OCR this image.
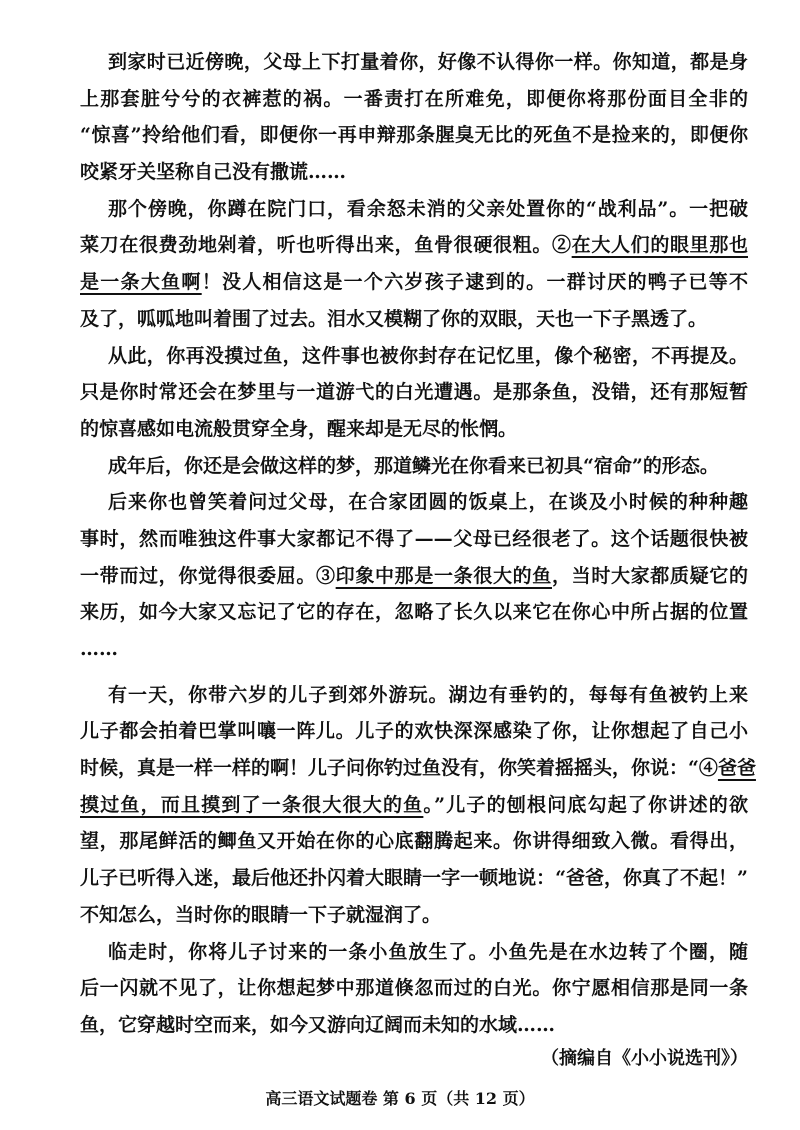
到家时已近傍晚，父母上下打量着你，好像不认得你一样。你知道，都是身
上那套脏兮兮的衣裤惹的祸。一番责打在所难免，即便你将那份面目全非的
“惊喜”拎给他们看，即便你一再申辩那条腥臭无比的死鱼不是捡来的，即便你
咬紧牙关坚称自己没有撒谎……
那个傍晚，你蹲在院门口，看余怒未消的父亲处置你的“战利品”。一把破
菜刀在很费劲地剁着，听也听得出来，鱼骨很硬很粗。②在大人们的眼里那也
是一条大鱼啊！没人相信这是一个六岁孩子逮到的。一群讨厌的鸭子已等不
及了，呱呱地叫着围了过去。泪水又模糊了你的双眼，天也一下子黑透了。
从此，你再没摸过鱼，这件事也被你封存在记忆里，像个秘密，不再提及。
只是你时常还会在梦里与一道游弋的白光遭遇。是那条鱼，没错，还有那短暂
的惊喜感如电流般贯穿全身，醒来却是无尽的怅惘。
成年后，你还是会做这样的梦，那道鳞光在你看来已初具“宿命”的形态。
后来你也曾笑着问过父母，在合家团圆的饭桌上，在谈及小时候的种种趣
事时，然而唯独这件事大家都记不得了——父母已经很老了。这个话题很快被
一带而过，你觉得很委屈。③印象中那是一条很大的鱼，当时大家都质疑它的
来历，如今大家又忘记了它的存在，忽略了长久以来它在你心中所占据的位置
……
有一天，你带六岁的儿子到郊外游玩。湖边有垂钓的，每每有鱼被钓上来
儿子都会拍着巴掌叫嚷一阵儿。儿子的欢快深深感染了你，让你想起了自己小
时候，真是一样一样的啊！儿子问你钓过鱼没有，你笑着摇摇头，你说：“④爸爸
摸过鱼，而且摸到了一条很大很大的鱼。”儿子的刨根问底勾起了你讲述的欲
望，那尾鲜活的鲫鱼又开始在你的心底翻腾起来。你讲得细致入微。看得出，
儿子已听得入迷，最后他还扑闪着大眼睛一字一顿地说：“爸爸，你真了不起！”
不知怎么，当时你的眼睛一下子就湿润了。
临走时，你将儿子讨来的一条小鱼放生了。小鱼先是在水边转了个圈，随
后一闪就不见了，让你想起梦中那道倏忽而过的白光。你宁愿相信那是同一条
鱼，它穿越时空而来，如今又游向辽阔而未知的水域……
（摘编自《小小说选刊》）
高三语文试题卷 第 6 页（共 12 页）
